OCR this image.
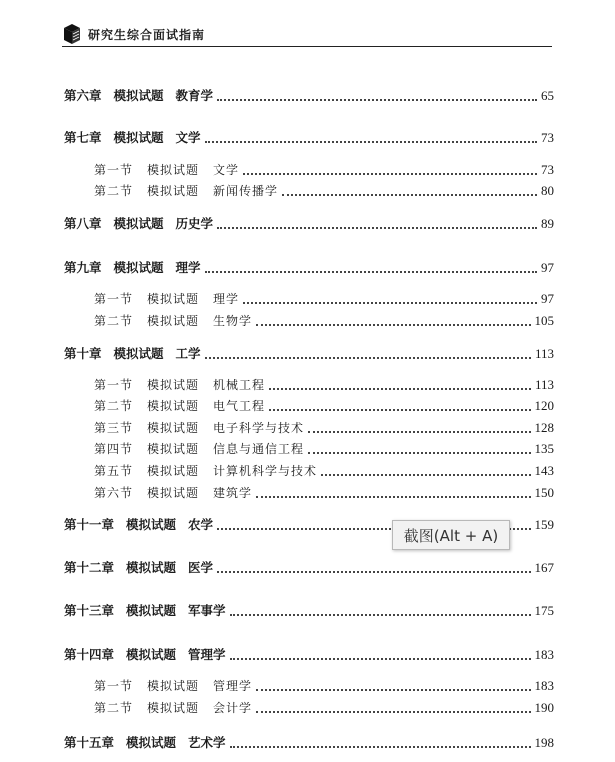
研究生综合面试指南
第六章 模拟试题 教育学	65
第七章 模拟试题 文学	73
第一节 模拟试题 文学	73
第二节 模拟试题 新闻传播学	80
第八章 模拟试题 历史学	89
第九章 模拟试题 理学	97
第一节 模拟试题 理学	97
第二节 模拟试题 生物学	105
第十章 模拟试题 工学	113
第一节 模拟试题 机械工程	113
第二节 模拟试题 电气工程	120
第三节 模拟试题 电子科学与技术	128
第四节 模拟试题 信息与通信工程	135
第五节 模拟试题 计算机科学与技术	143
第六节 模拟试题 建筑学	150
第十一章 模拟试题 农学	159
第十二章 模拟试题 医学	167
第十三章 模拟试题 军事学	175
第十四章 模拟试题 管理学	183
第一节 模拟试题 管理学	183
第二节 模拟试题 会计学	190
第十五章 模拟试题 艺术学	198
截图(Alt + A)
